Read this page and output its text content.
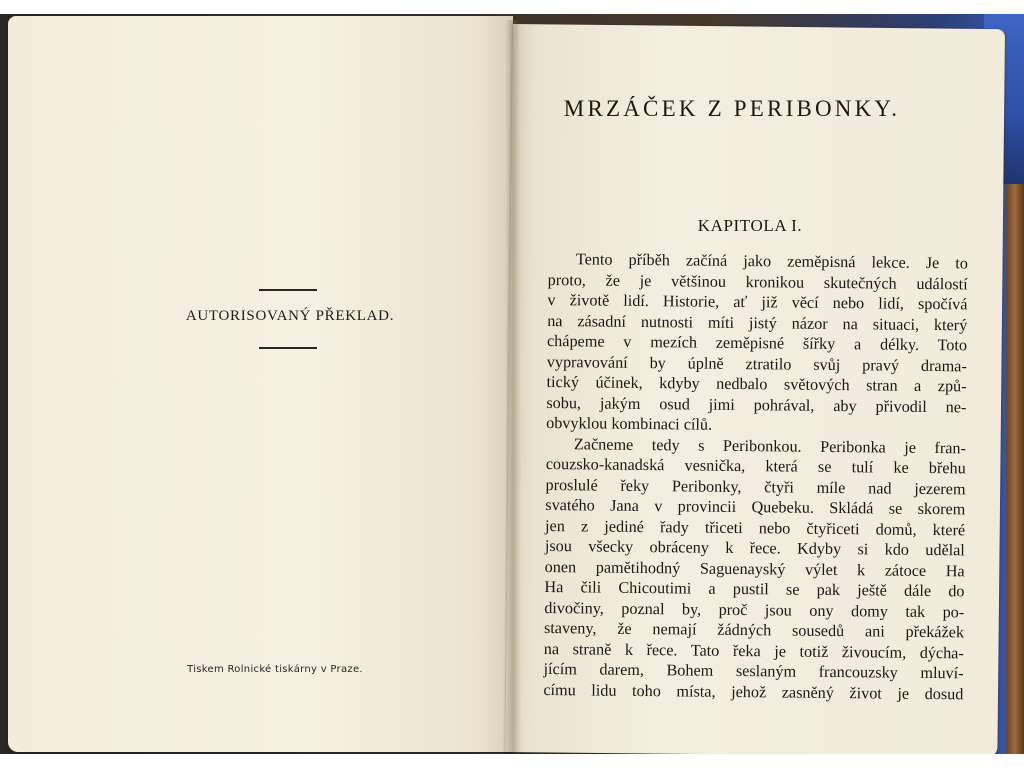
AUTORISOVANÝ PŘEKLAD.
Tiskem Rolnické tiskárny v Praze.
MRZÁČEK Z PERIBONKY.
KAPITOLA I.
Tento příběh začíná jako zeměpisná lekce. Je to
proto, že je většinou kronikou skutečných událostí
v životě lidí. Historie, ať již věcí nebo lidí, spočívá
na zásadní nutnosti míti jistý názor na situaci, který
chápeme v mezích zeměpisné šířky a délky. Toto
vypravování by úplně ztratilo svůj pravý drama-
tický účinek, kdyby nedbalo světových stran a způ-
sobu, jakým osud jimi pohrával, aby přivodil ne-
obvyklou kombinaci cílů.
Začneme tedy s Peribonkou. Peribonka je fran-
couzsko-kanadská vesnička, která se tulí ke břehu
proslulé řeky Peribonky, čtyři míle nad jezerem
svatého Jana v provincii Quebeku. Skládá se skorem
jen z jediné řady třiceti nebo čtyřiceti domů, které
jsou všecky obráceny k řece. Kdyby si kdo udělal
onen pamětihodný Saguenayský výlet k zátoce Ha
Ha čili Chicoutimi a pustil se pak ještě dále do
divočiny, poznal by, proč jsou ony domy tak po-
staveny, že nemají žádných sousedů ani překážek
na straně k řece. Tato řeka je totiž živoucím, dýcha-
jícím darem, Bohem seslaným francouzsky mluví-
címu lidu toho místa, jehož zasněný život je dosud
